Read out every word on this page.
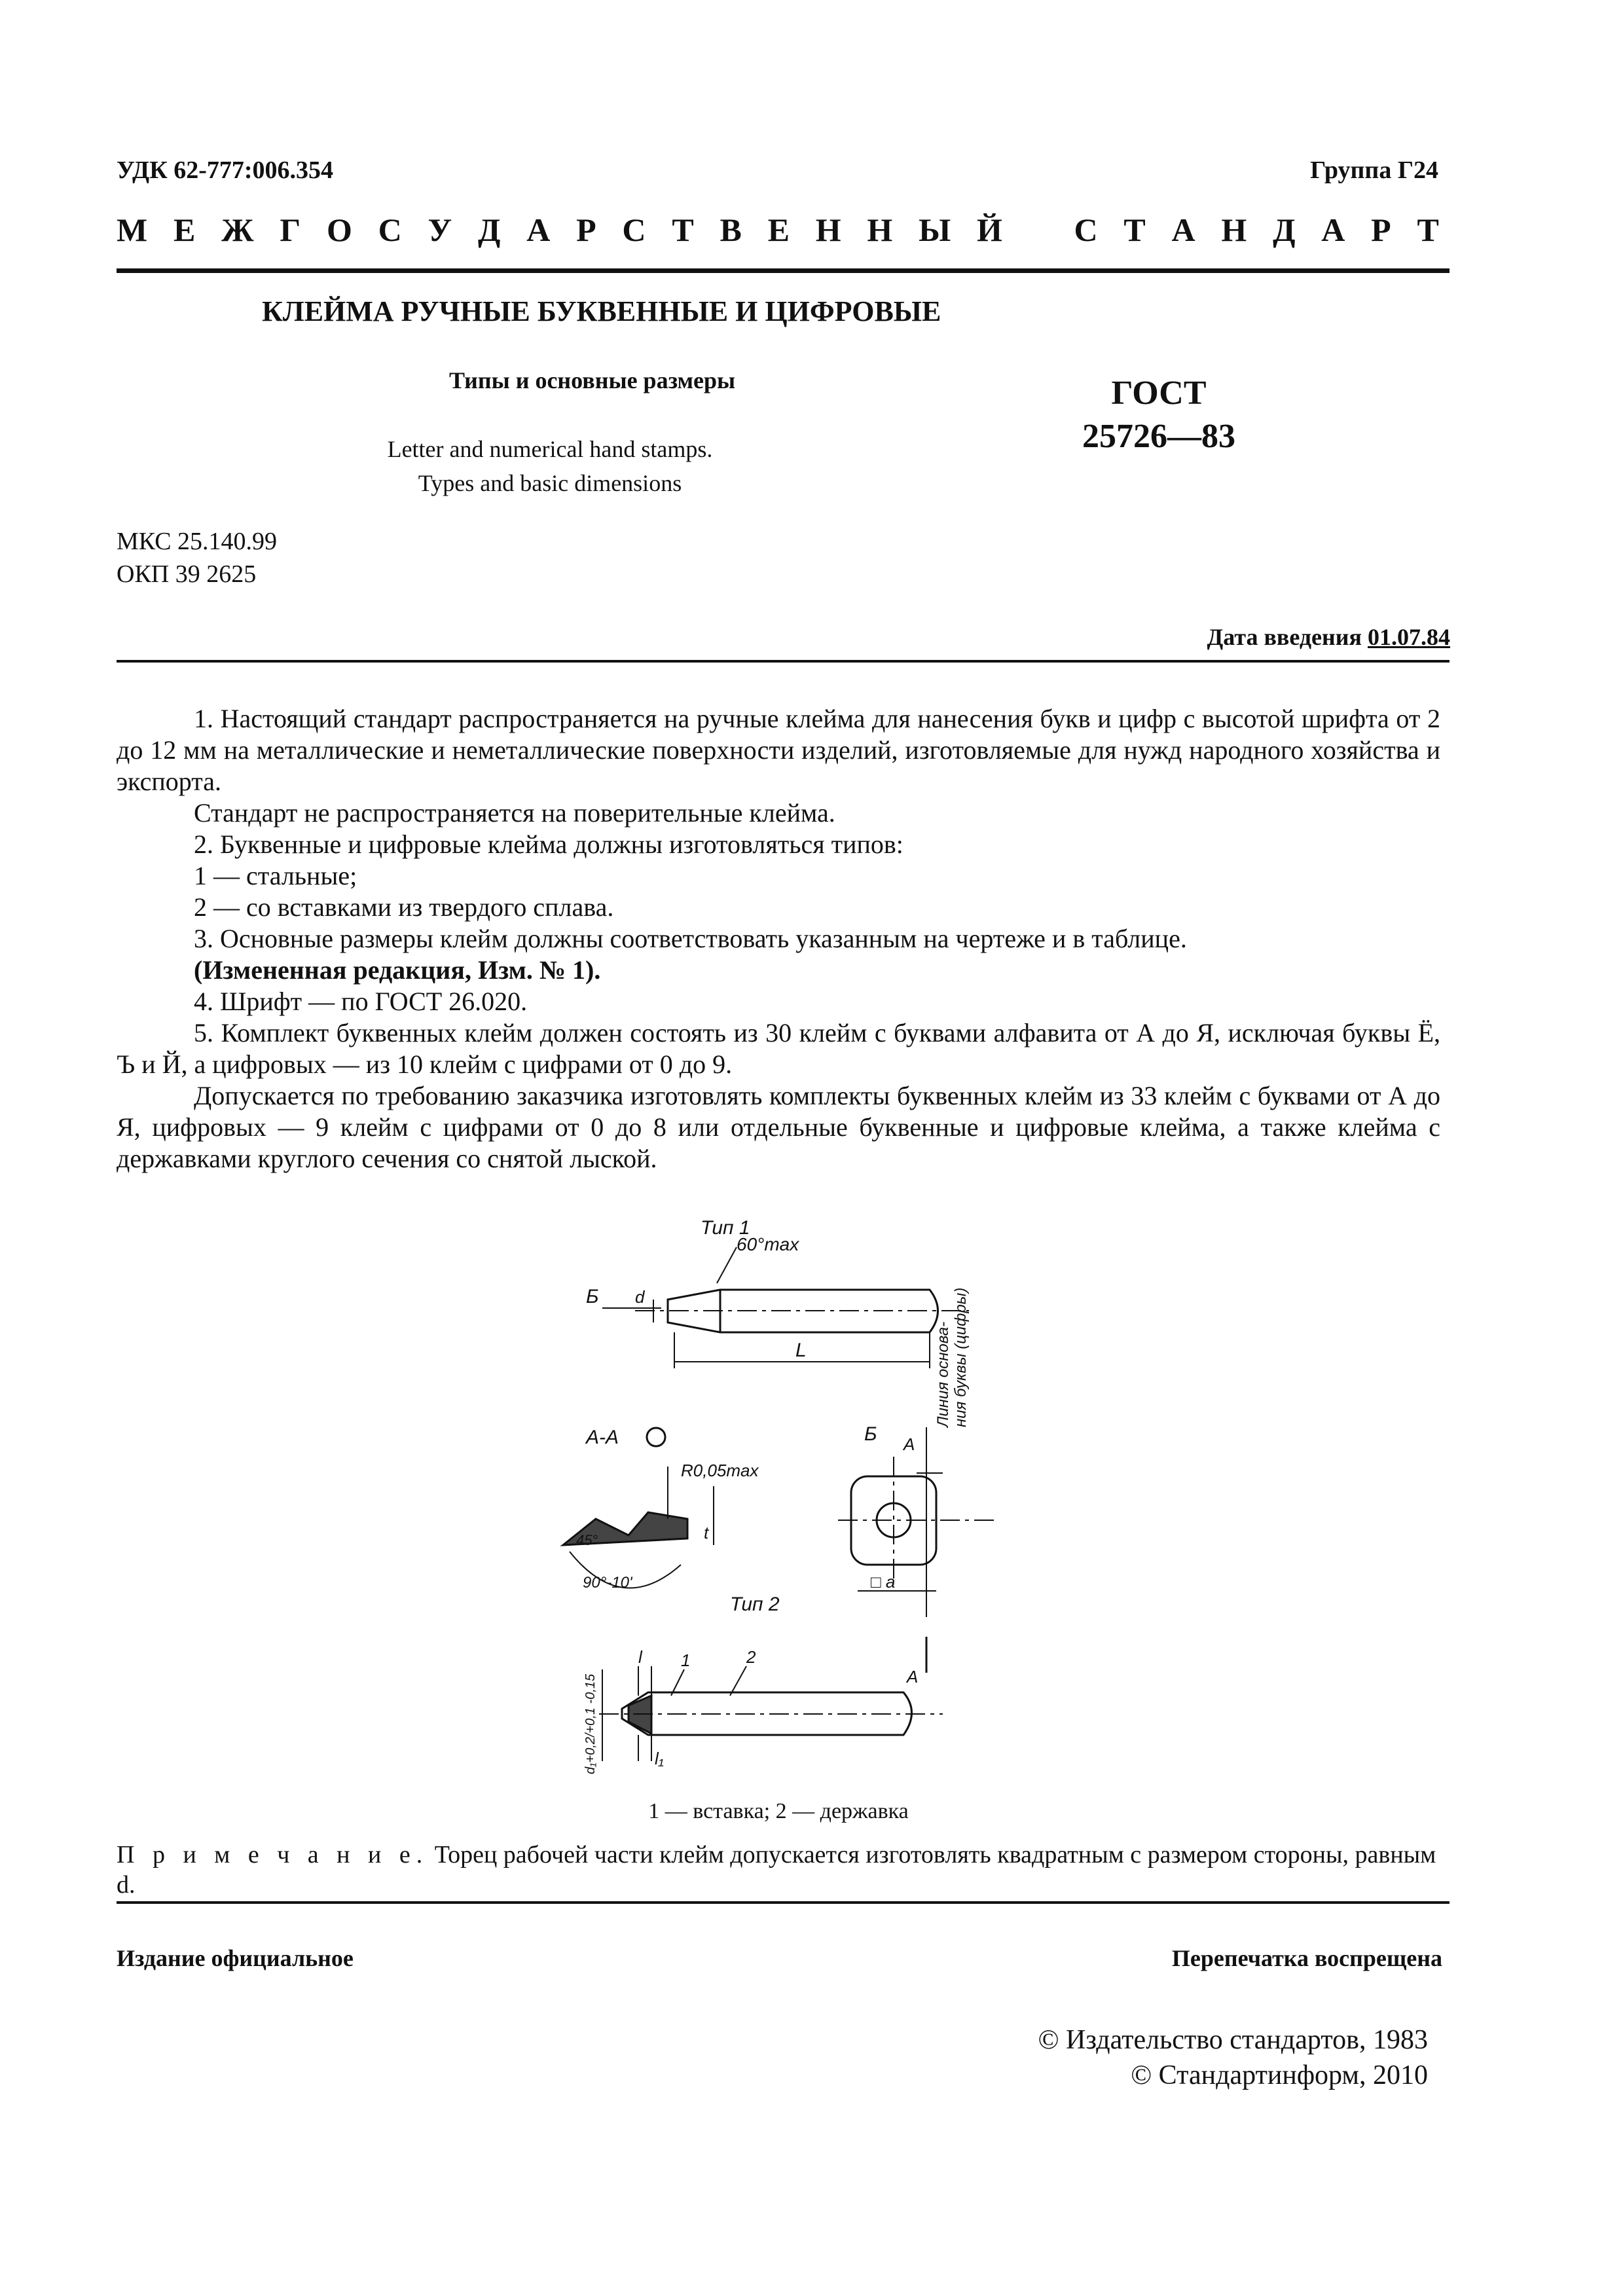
УДК 62-777:006.354	Группа Г24
М Е Ж Г О С У Д А Р С Т В Е Н Н Ы Й С Т А Н Д А Р Т
КЛЕЙМА РУЧНЫЕ БУКВЕННЫЕ И ЦИФРОВЫЕ
Типы и основные размеры
Letter and numerical hand stamps.
Types and basic dimensions
ГОСТ
25726—83
МКС 25.140.99
ОКП 39 2625
Дата введения 01.07.84

1. Настоящий стандарт распространяется на ручные клейма для нанесения букв и цифр с высотой шрифта от 2 до 12 мм на металлические и неметаллические поверхности изделий, изготовляемые для нужд народного хозяйства и экспорта.

Стандарт не распространяется на поверительные клейма.

2. Буквенные и цифровые клейма должны изготовляться типов:

1 — стальные;

2 — со вставками из твердого сплава.

3. Основные размеры клейм должны соответствовать указанным на чертеже и в таблице.

(Измененная редакция, Изм. № 1).

4. Шрифт — по ГОСТ 26.020.

5. Комплект буквенных клейм должен состоять из 30 клейм с буквами алфавита от А до Я, исключая буквы Ё, Ъ и Й, а цифровых — из 10 клейм с цифрами от 0 до 9.

Допускается по требованию заказчика изготовлять комплекты буквенных клейм из 33 клейм с буквами от А до Я, цифровых — 9 клейм с цифрами от 0 до 8 или отдельные буквенные и цифровые клейма, а также клейма с державками круглого сечения со снятой лыской.

Тип 1
60°max
Б d
L
А-А
R0,05max
45°
90°-10'
t
Б А
Линия основа- ния буквы (цифры)
□ a
Тип 2
А
l 1	2
l₁
d₁+0,2/+0,1 -0,15
1 — вставка; 2 — державка
П р и м е ч а н и е. Торец рабочей части клейм допускается изготовлять квадратным с размером стороны, равным d.
Издание официальное	Перепечатка воспрещена
© Издательство стандартов, 1983
© Стандартинформ, 2010
